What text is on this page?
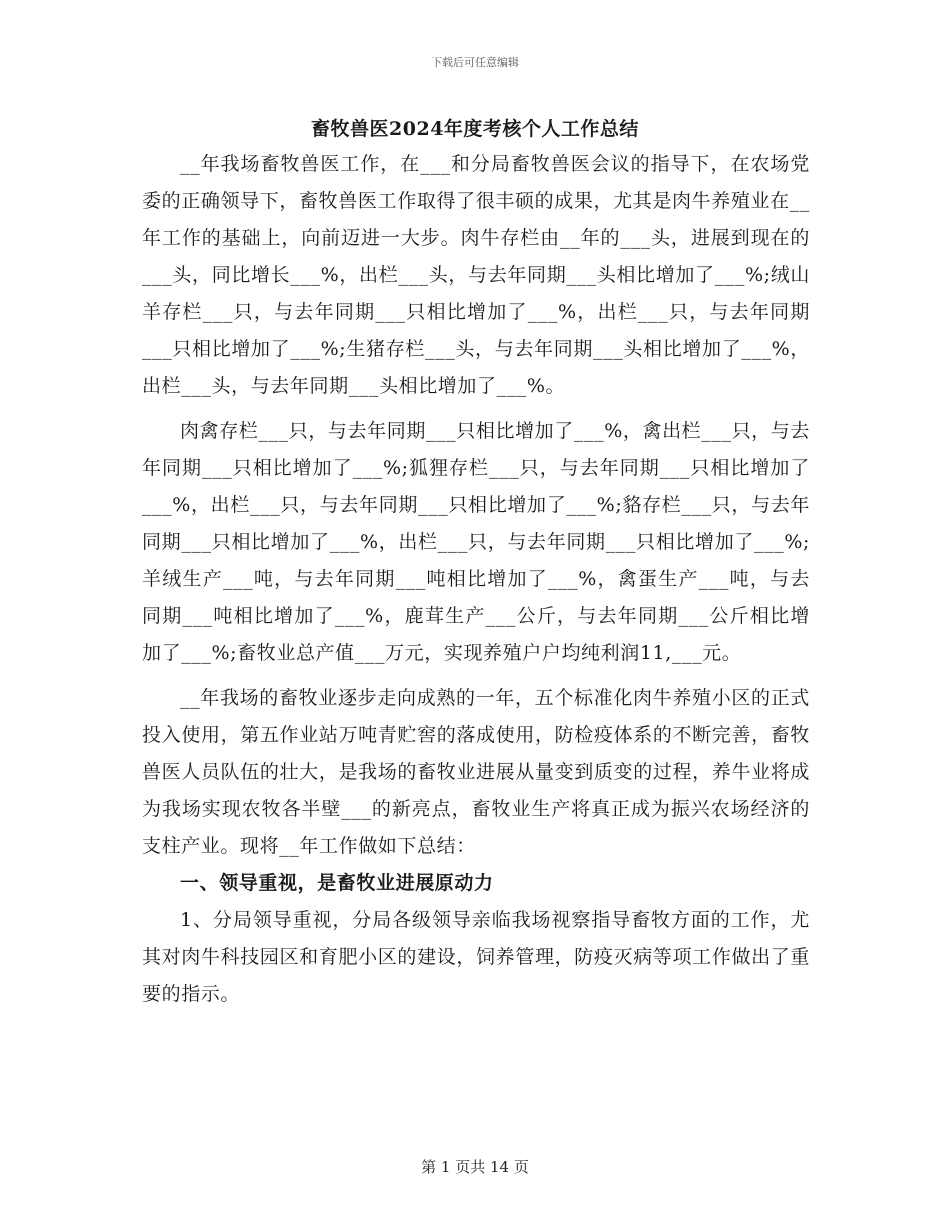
下载后可任意编辑
畜牧兽医2024年度考核个人工作总结

__年我场畜牧兽医工作，在___和分局畜牧兽医会议的指导下，在农场党委的正确领导下，畜牧兽医工作取得了很丰硕的成果，尤其是肉牛养殖业在__年工作的基础上，向前迈进一大步。肉牛存栏由__年的___头，进展到现在的___头，同比增长___%，出栏___头，与去年同期___头相比增加了___%;绒山羊存栏___只，与去年同期___只相比增加了___%，出栏___只，与去年同期___只相比增加了___%;生猪存栏___头，与去年同期___头相比增加了___%，出栏___头，与去年同期___头相比增加了___%。

肉禽存栏___只，与去年同期___只相比增加了___%，禽出栏___只，与去年同期___只相比增加了___%;狐狸存栏___只，与去年同期___只相比增加了___%，出栏___只，与去年同期___只相比增加了___%;貉存栏___只，与去年同期___只相比增加了___%，出栏___只，与去年同期___只相比增加了___%;羊绒生产___吨，与去年同期___吨相比增加了___%，禽蛋生产___吨，与去同期___吨相比增加了___%，鹿茸生产___公斤，与去年同期___公斤相比增加了___%;畜牧业总产值___万元，实现养殖户户均纯利润11,___元。

__年我场的畜牧业逐步走向成熟的一年，五个标准化肉牛养殖小区的正式投入使用，第五作业站万吨青贮窖的落成使用，防检疫体系的不断完善，畜牧兽医人员队伍的壮大，是我场的畜牧业进展从量变到质变的过程，养牛业将成为我场实现农牧各半壁___的新亮点，畜牧业生产将真正成为振兴农场经济的支柱产业。现将__年工作做如下总结：

一、领导重视，是畜牧业进展原动力

1、分局领导重视，分局各级领导亲临我场视察指导畜牧方面的工作，尤其对肉牛科技园区和育肥小区的建设，饲养管理，防疫灭病等项工作做出了重要的指示。

第 1 页共 14 页
